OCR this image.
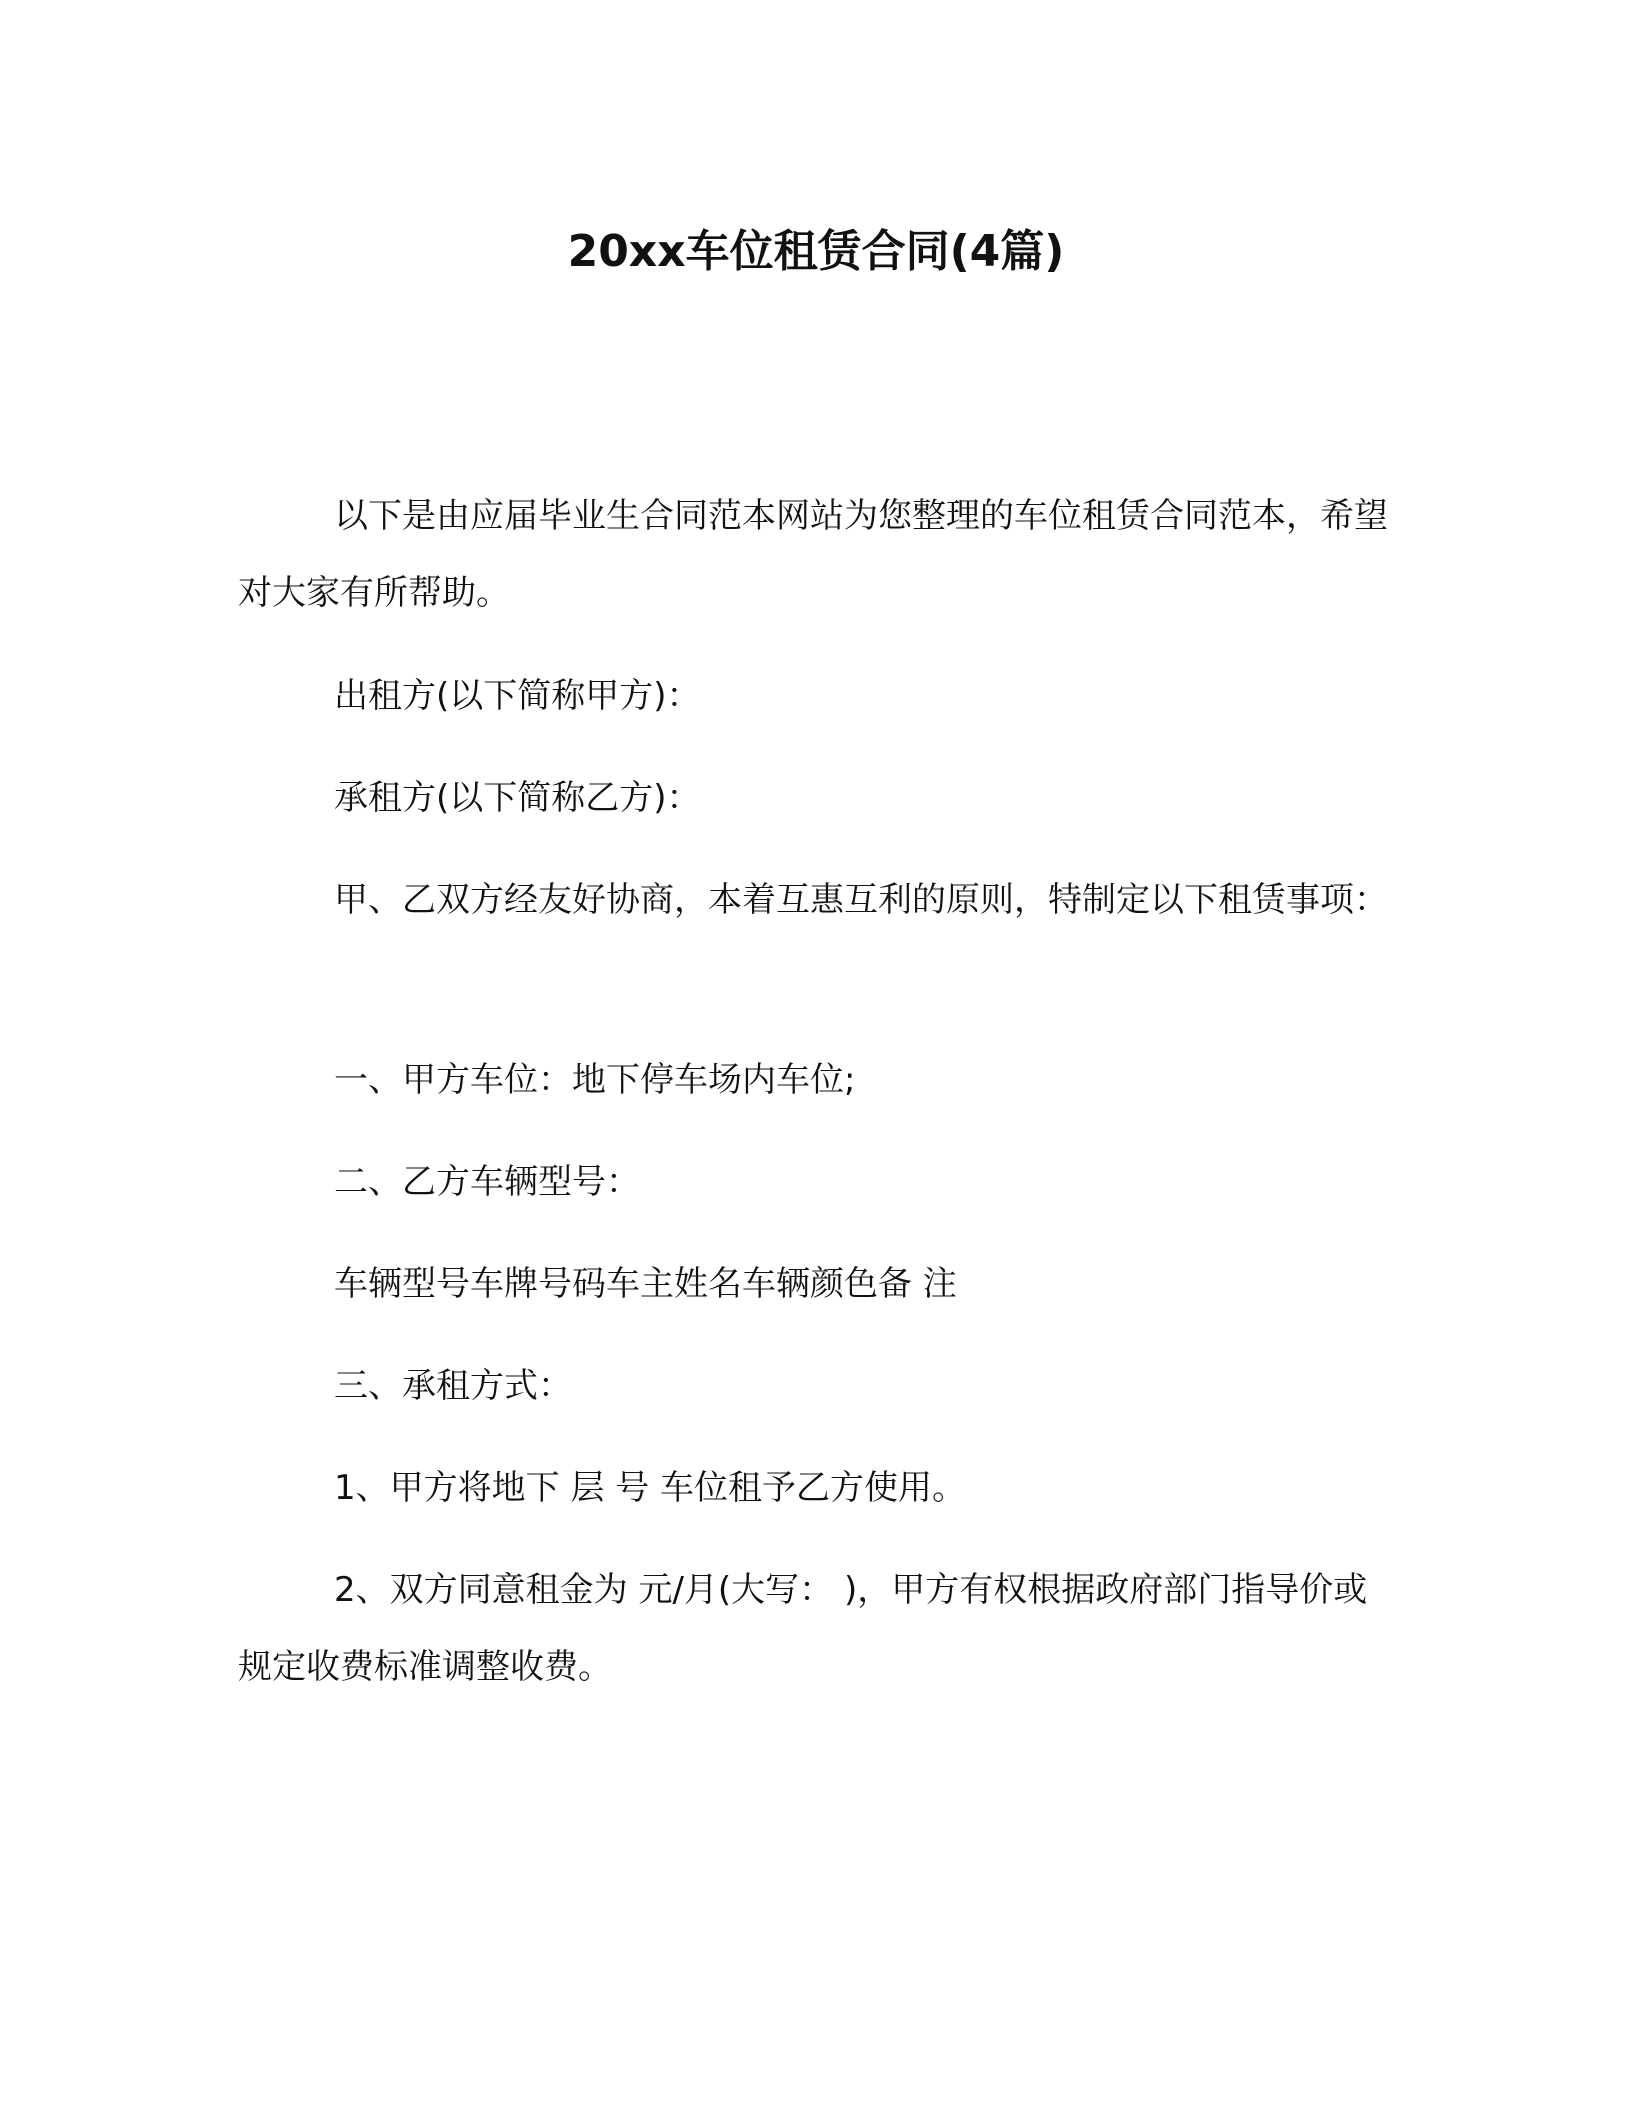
20xx车位租赁合同(4篇)

以下是由应届毕业生合同范本网站为您整理的车位租赁合同范本，希望对大家有所帮助。

出租方(以下简称甲方)：

承租方(以下简称乙方)：

甲、乙双方经友好协商，本着互惠互利的原则，特制定以下租赁事项：

一、甲方车位：地下停车场内车位;

二、乙方车辆型号：

车辆型号车牌号码车主姓名车辆颜色备 注

三、承租方式：

1、甲方将地下 层 号 车位租予乙方使用。

2、双方同意租金为 元/月(大写： )，甲方有权根据政府部门指导价或规定收费标准调整收费。
